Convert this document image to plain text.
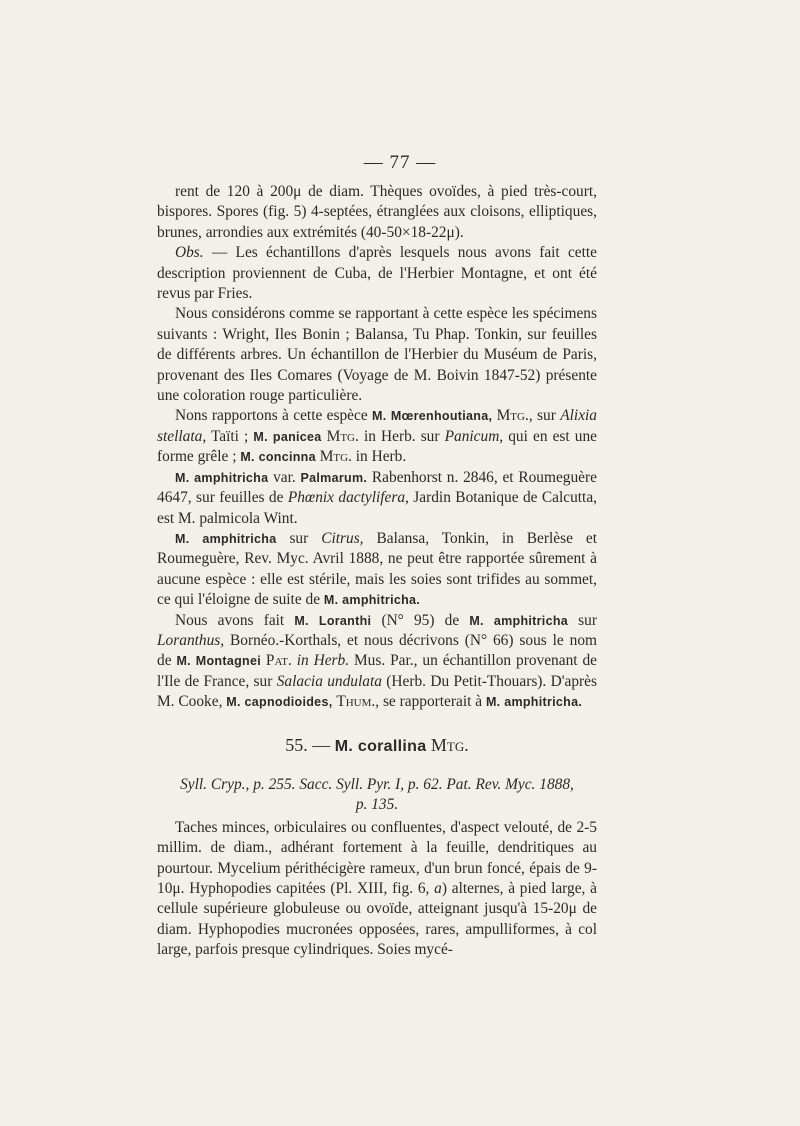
— 77 —

rent de 120 à 200μ de diam. Thèques ovoïdes, à pied très-court, bispores. Spores (fig. 5) 4-septées, étranglées aux cloisons, elliptiques, brunes, arrondies aux extrémités (40-50×18-22μ).

Obs. — Les échantillons d'après lesquels nous avons fait cette description proviennent de Cuba, de l'Herbier Montagne, et ont été revus par Fries.

Nous considérons comme se rapportant à cette espèce les spécimens suivants : Wright, Iles Bonin ; Balansa, Tu Phap. Tonkin, sur feuilles de différents arbres. Un échantillon de l'Herbier du Muséum de Paris, provenant des Iles Comares (Voyage de M. Boivin 1847-52) présente une coloration rouge particulière.

Nons rapportons à cette espèce M. Mœrenhoutiana, Mtg., sur Alixia stellata, Taïti ; M. panicea Mtg. in Herb. sur Panicum, qui en est une forme grêle ; M. concinna Mtg. in Herb.

M. amphitricha var. Palmarum. Rabenhorst n. 2846, et Roumeguère 4647, sur feuilles de Phœnix dactylifera, Jardin Botanique de Calcutta, est M. palmicola Wint.

M. amphitricha sur Citrus, Balansa, Tonkin, in Berlèse et Roumeguère, Rev. Myc. Avril 1888, ne peut être rapportée sûrement à aucune espèce : elle est stérile, mais les soies sont trifides au sommet, ce qui l'éloigne de suite de M. amphitricha.

Nous avons fait M. Loranthi (N° 95) de M. amphitricha sur Loranthus, Bornéo.-Korthals, et nous décrivons (N° 66) sous le nom de M. Montagnei Pat. in Herb. Mus. Par., un échantillon provenant de l'Ile de France, sur Salacia undulata (Herb. Du Petit-Thouars). D'après M. Cooke, M. capnodioides, Thum., se rapporterait à M. amphitricha.

55. — M. corallina Mtg.
Syll. Cryp., p. 255. Sacc. Syll. Pyr. I, p. 62. Pat. Rev. Myc. 1888,
p. 135.

Taches minces, orbiculaires ou confluentes, d'aspect velouté, de 2-5 millim. de diam., adhérant fortement à la feuille, dendritiques au pourtour. Mycelium périthécigère rameux, d'un brun foncé, épais de 9-10μ. Hyphopodies capitées (Pl. XIII, fig. 6, a) alternes, à pied large, à cellule supérieure globuleuse ou ovoïde, atteignant jusqu'à 15-20μ de diam. Hyphopodies mucronées opposées, rares, ampulliformes, à col large, parfois presque cylindriques. Soies mycé-
